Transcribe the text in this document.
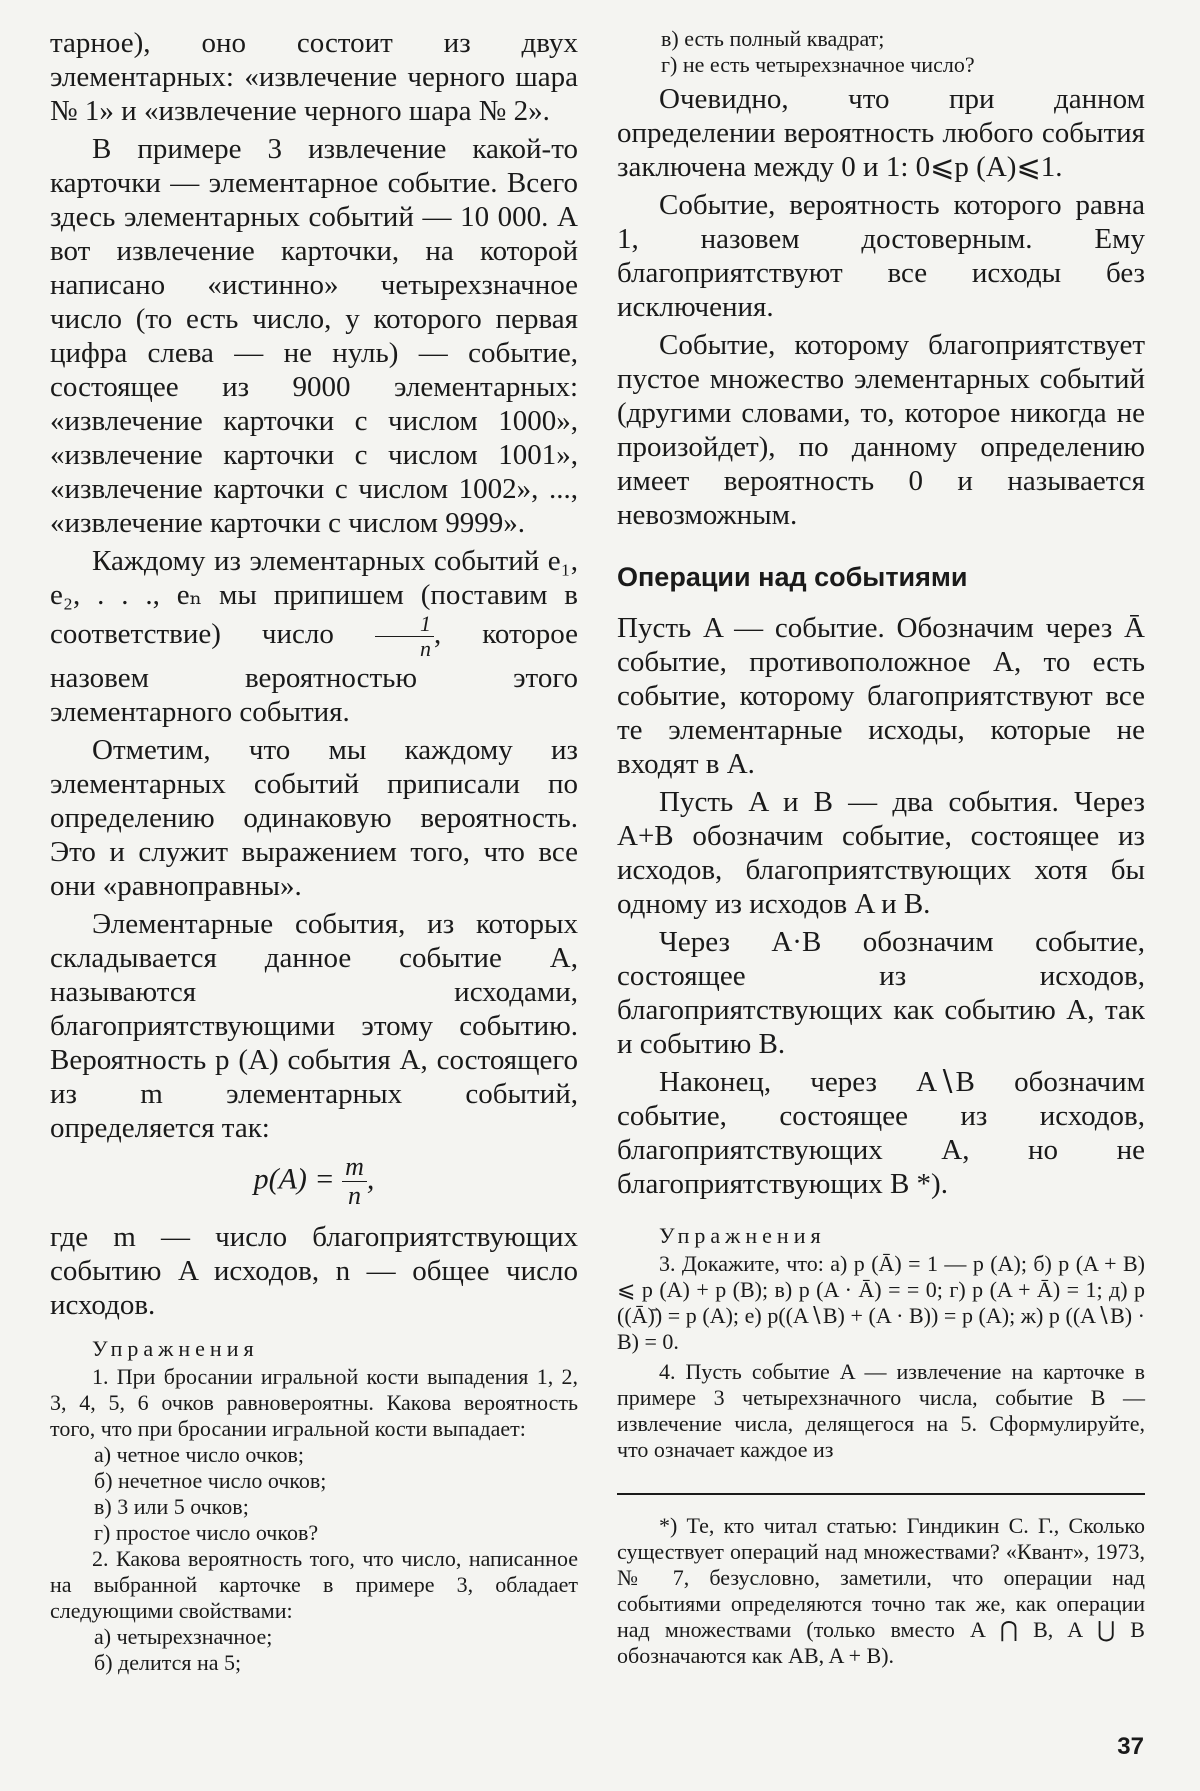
тарное), оно состоит из двух элементарных: «извлечение черного шара № 1» и «извлечение черного шара № 2».

В примере 3 извлечение какой-то карточки — элементарное событие. Всего здесь элементарных событий — 10 000. А вот извлечение карточки, на которой написано «истинно» четырехзначное число (то есть число, у которого первая цифра слева — не нуль) — событие, состоящее из 9000 элементарных: «извлечение карточки с числом 1000», «извлечение карточки с числом 1001», «извлечение карточки с числом 1002», ..., «извлечение карточки с числом 9999».

Каждому из элементарных событий e₁, e₂, . . ., eₙ мы припишем (поставим в соответствие) число $\frac{1}{n}$ , которое назовем вероятностью этого элементарного события.

Отметим, что мы каждому из элементарных событий приписали по определению одинаковую вероятность. Это и служит выражением того, что все они «равноправны».

Элементарные события, из которых складывается данное событие A, называются исходами, благоприятствующими этому событию. Вероятность p (A) события A, состоящего из m элементарных событий, определяется так:

$p(A) = \frac{m}{n}$ ,

где m — число благоприятствующих событию A исходов, n — общее число исходов.

Упражнения

1. При бросании игральной кости выпадения 1, 2, 3, 4, 5, 6 очков равновероятны. Какова вероятность того, что при бросании игральной кости выпадает:

а) четное число очков;

б) нечетное число очков;

в) 3 или 5 очков;

г) простое число очков?

2. Какова вероятность того, что число, написанное на выбранной карточке в примере 3, обладает следующими свойствами:

а) четырехзначное;

б) делится на 5;

в) есть полный квадрат;

г) не есть четырехзначное число?

Очевидно, что при данном определении вероятность любого события заключена между 0 и 1: 0⩽p (A)⩽1.

Событие, вероятность которого равна 1, назовем достоверным. Ему благоприятствуют все исходы без исключения.

Событие, которому благоприятствует пустое множество элементарных событий (другими словами, то, которое никогда не произойдет), по данному определению имеет вероятность 0 и называется невозможным.

Операции над событиями

Пусть A — событие. Обозначим через Ā событие, противоположное A, то есть событие, которому благоприятствуют все те элементарные исходы, которые не входят в A.

Пусть A и B — два события. Через A+B обозначим событие, состоящее из исходов, благоприятствующих хотя бы одному из исходов A и B.

Через A·B обозначим событие, состоящее из исходов, благоприятствующих как событию A, так и событию B.

Наконец, через A∖B обозначим событие, состоящее из исходов, благоприятствующих A, но не благоприятствующих B *).

Упражнения

3. Докажите, что: а) p (Ā) = 1 — p (A); б) p (A + B) ⩽ p (A) + p (B); в) p (A · Ā) = = 0; г) p (A + Ā) = 1; д) p ((Ā)̄) = p (A); е) p((A∖B) + (A · B)) = p (A); ж) p ((A∖B) · B) = 0.

4. Пусть событие A — извлечение на карточке в примере 3 четырехзначного числа, событие B — извлечение числа, делящегося на 5. Сформулируйте, что означает каждое из

*) Те, кто читал статью: Гиндикин С. Г., Сколько существует операций над множествами? «Квант», 1973, № 7, безусловно, заметили, что операции над событиями определяются точно так же, как операции над множествами (только вместо A ⋂ B, A ⋃ B обозначаются как AB, A + B).

37
